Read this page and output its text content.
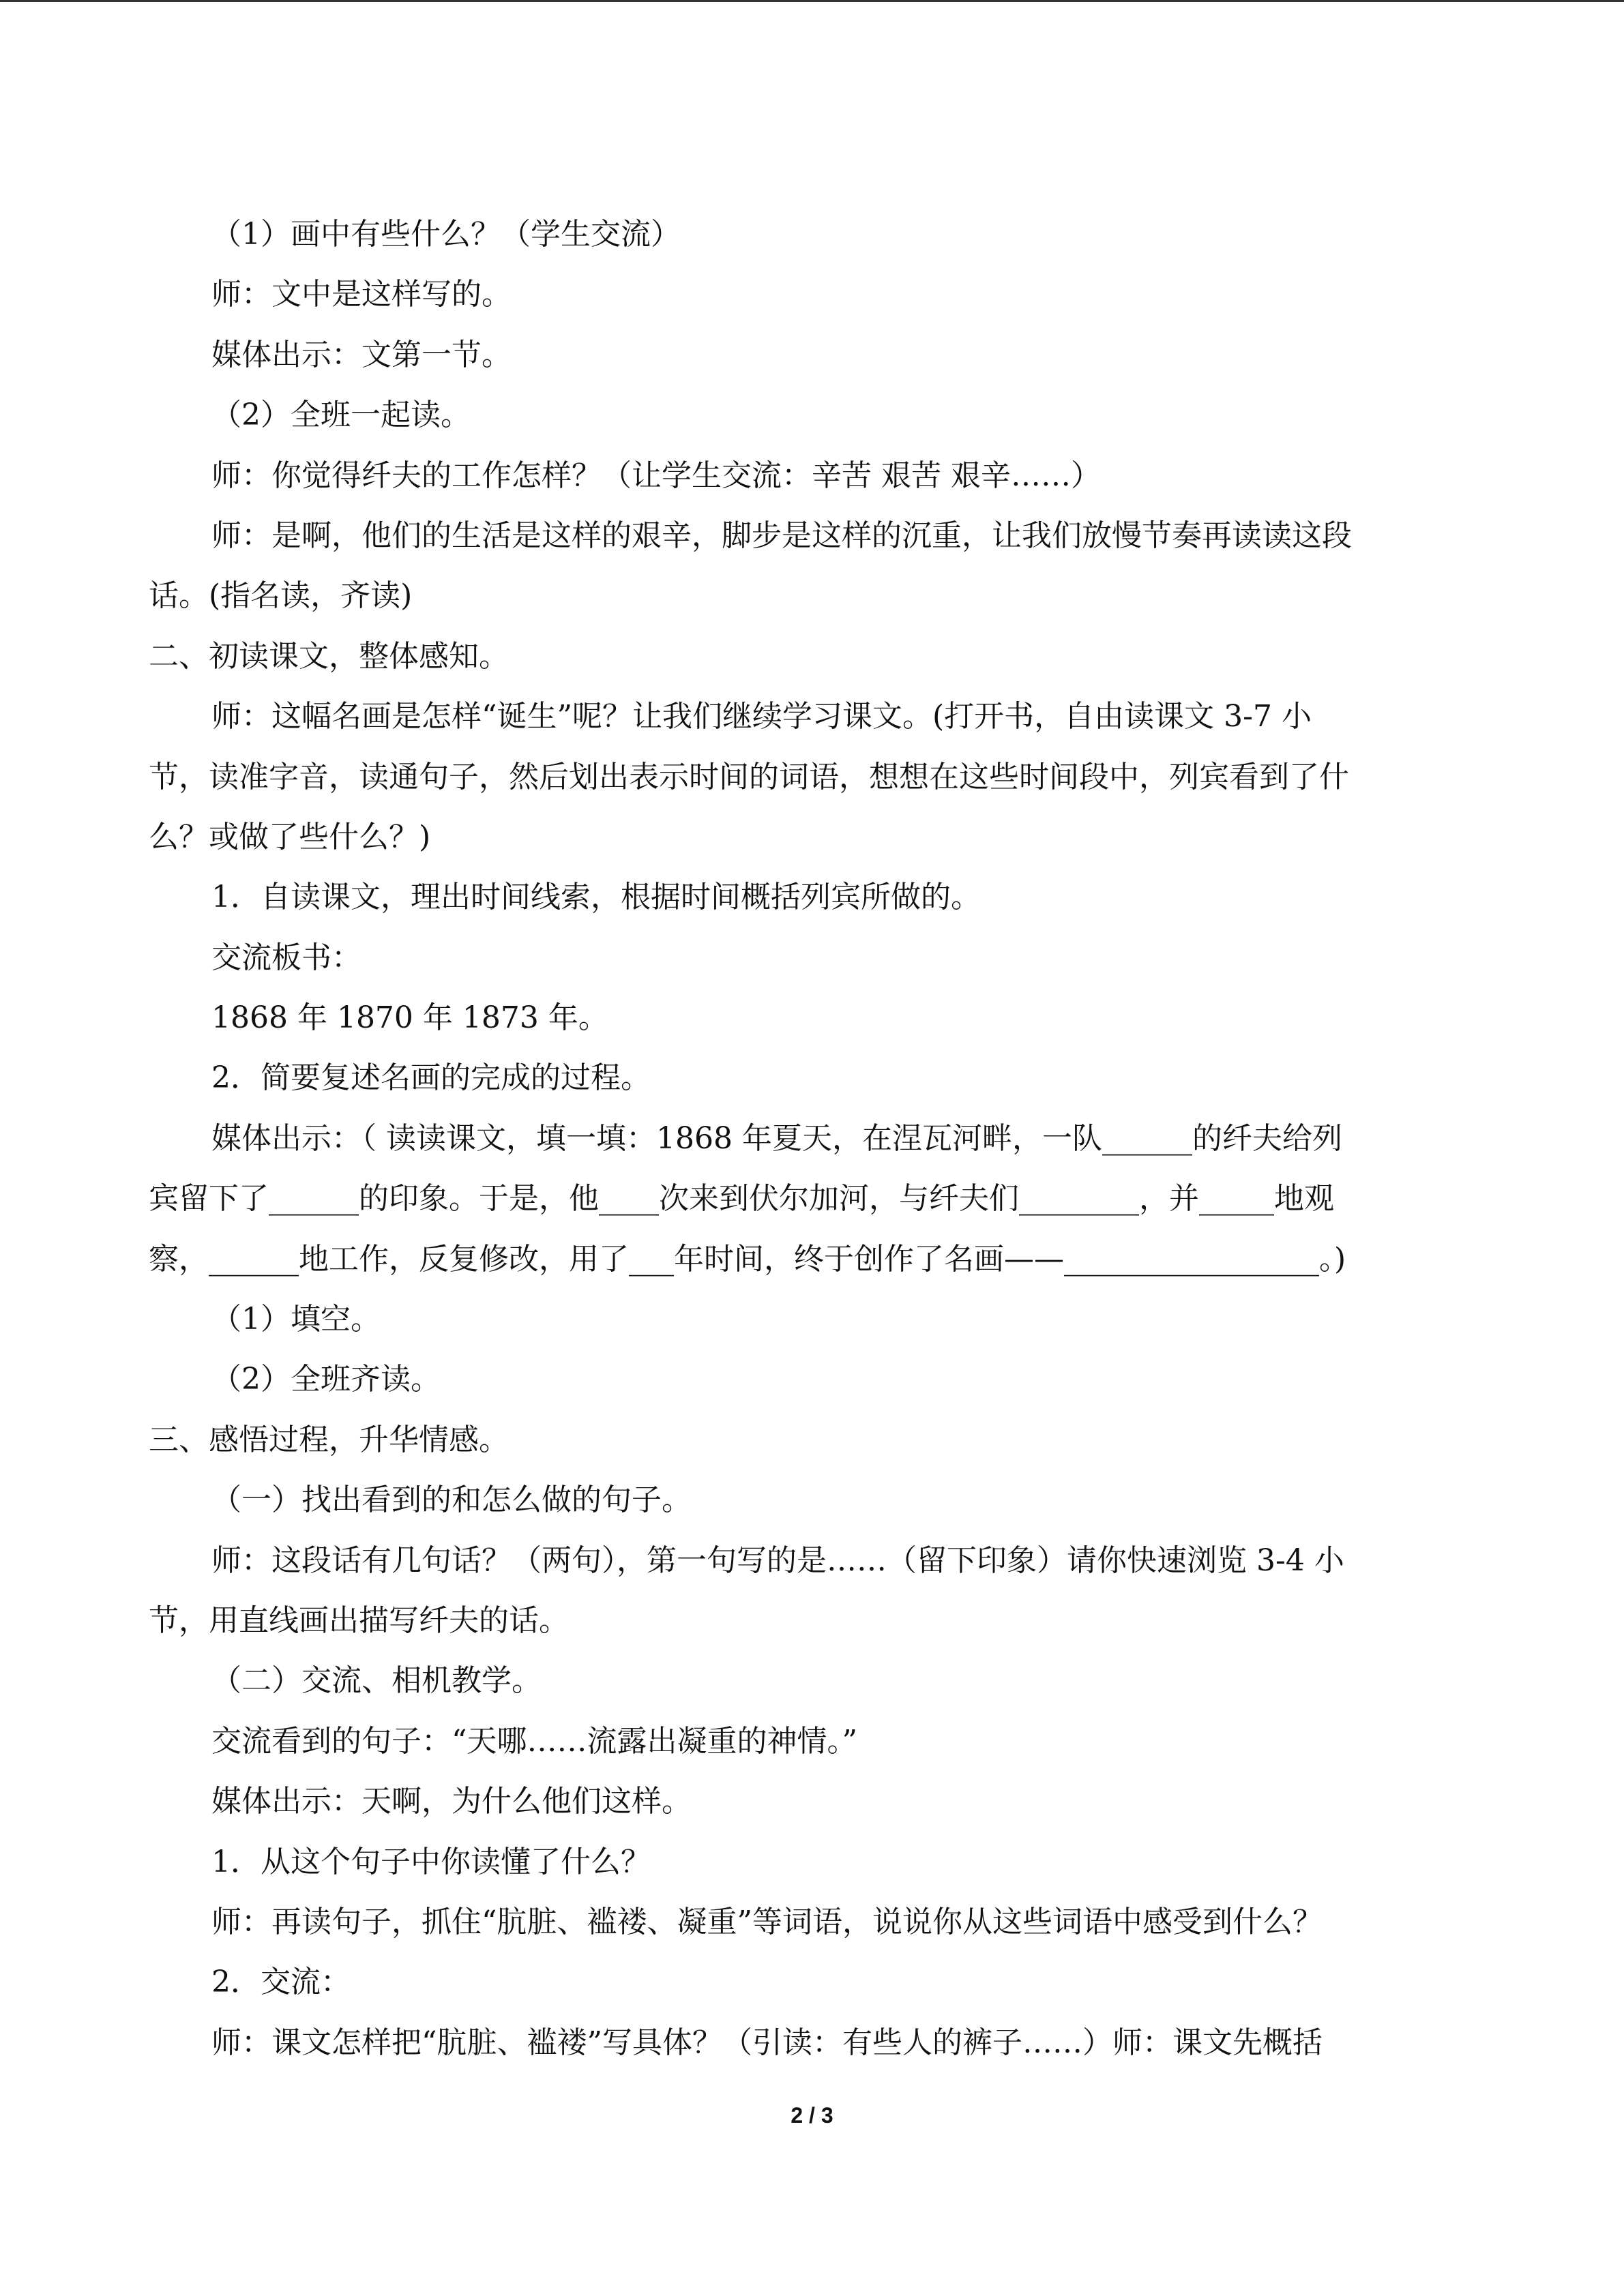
（1）画中有些什么？（学生交流）
师：文中是这样写的。
媒体出示：文第一节。
（2）全班一起读。
师：你觉得纤夫的工作怎样？（让学生交流：辛苦 艰苦 艰辛……）
师：是啊，他们的生活是这样的艰辛，脚步是这样的沉重，让我们放慢节奏再读读这段
话。(指名读，齐读)
二、初读课文，整体感知。
师：这幅名画是怎样“诞生”呢？让我们继续学习课文。(打开书，自由读课文 3-7 小
节，读准字音，读通句子，然后划出表示时间的词语，想想在这些时间段中，列宾看到了什
么？或做了些什么？)
1．自读课文，理出时间线索，根据时间概括列宾所做的。
交流板书：
1868 年 1870 年 1873 年。
2．简要复述名画的完成的过程。
媒体出示：（ 读读课文，填一填：1868 年夏天，在涅瓦河畔，一队______的纤夫给列
宾留下了______的印象。于是，他____次来到伏尔加河，与纤夫们________，并_____地观
察，______地工作，反复修改，用了___年时间，终于创作了名画——_________________。)
（1）填空。
（2）全班齐读。
三、感悟过程，升华情感。
（一）找出看到的和怎么做的句子。
师：这段话有几句话？（两句），第一句写的是……（留下印象）请你快速浏览 3-4 小
节，用直线画出描写纤夫的话。
（二）交流、相机教学。
交流看到的句子：“天哪……流露出凝重的神情。”
媒体出示：天啊，为什么他们这样。
1．从这个句子中你读懂了什么？
师：再读句子，抓住“肮脏、褴褛、凝重”等词语，说说你从这些词语中感受到什么？
2．交流：
师：课文怎样把“肮脏、褴褛”写具体？（引读：有些人的裤子……）师：课文先概括
2 / 3
